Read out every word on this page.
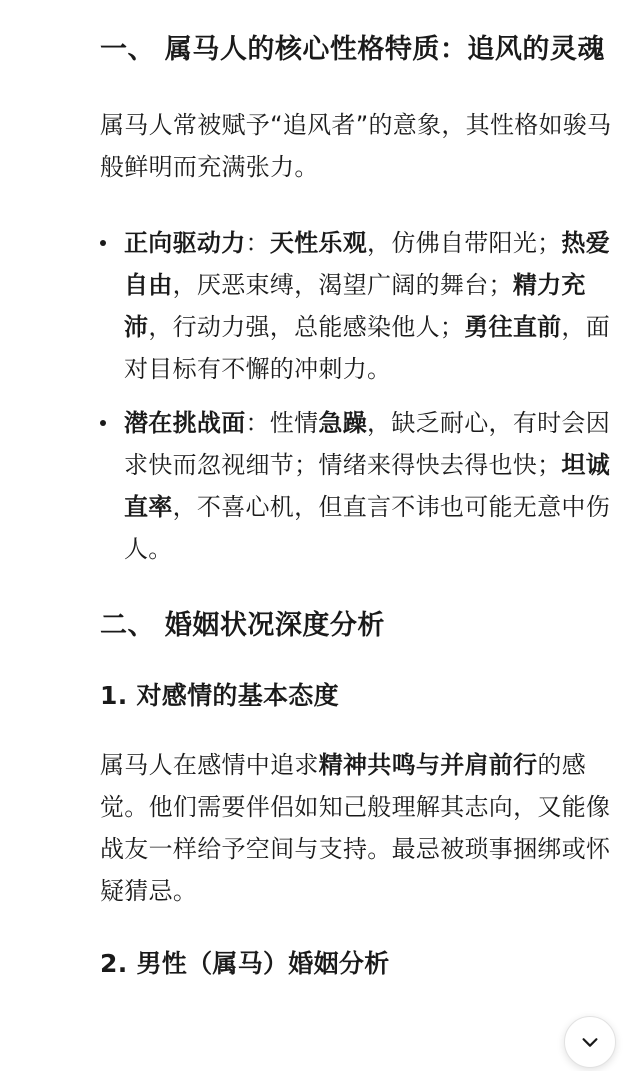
一、 属马人的核心性格特质：追风的灵魂

属马人常被赋予“追风者”的意象，其性格如骏马般鲜明而充满张力。

正向驱动力：天性乐观，仿佛自带阳光；热爱自由，厌恶束缚，渴望广阔的舞台；精力充沛，行动力强，总能感染他人；勇往直前，面对目标有不懈的冲刺力。
潜在挑战面：性情急躁，缺乏耐心，有时会因求快而忽视细节；情绪来得快去得也快；坦诚直率，不喜心机，但直言不讳也可能无意中伤人。
二、 婚姻状况深度分析
1. 对感情的基本态度

属马人在感情中追求精神共鸣与并肩前行的感觉。他们需要伴侣如知己般理解其志向，又能像战友一样给予空间与支持。最忌被琐事捆绑或怀疑猜忌。

2. 男性（属马）婚姻分析
